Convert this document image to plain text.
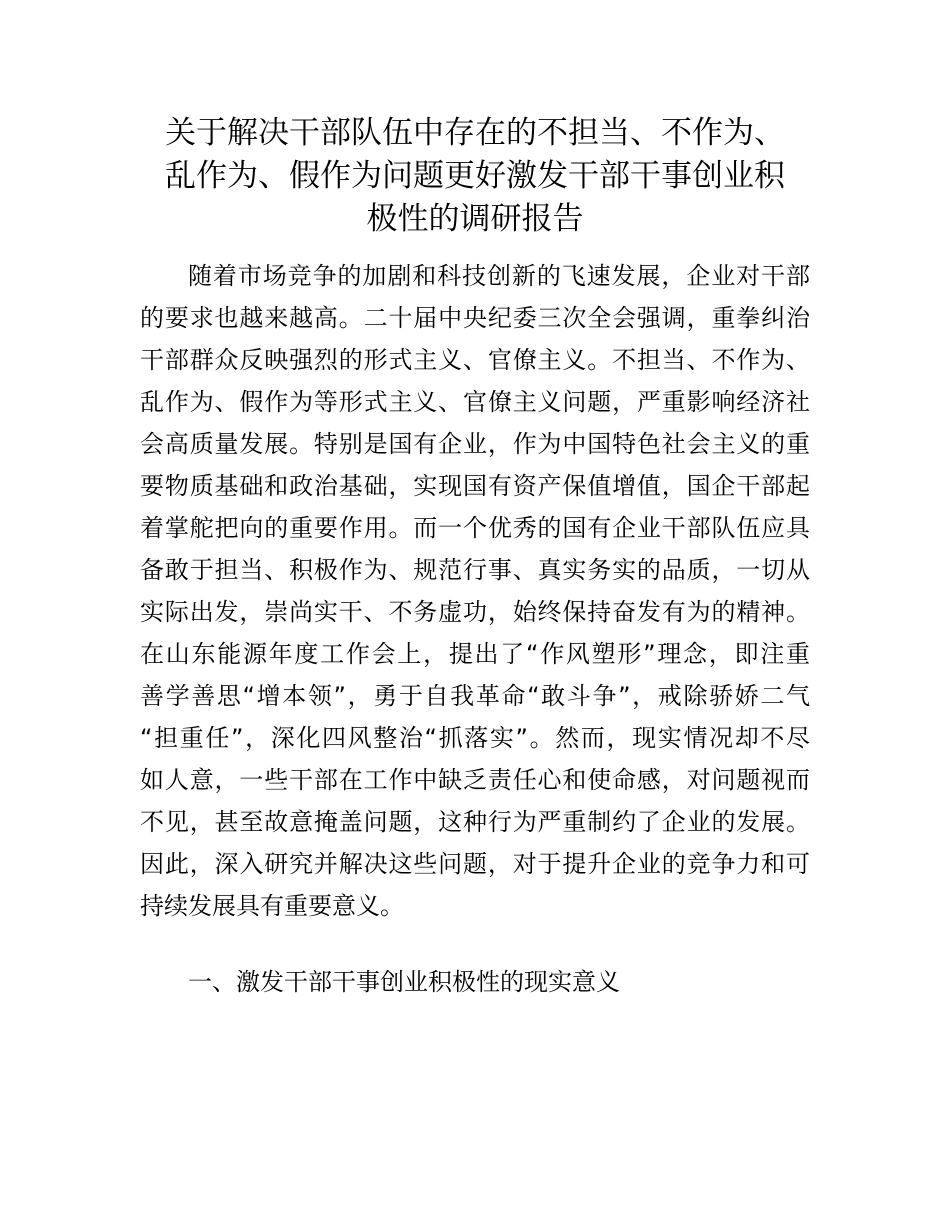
关于解决干部队伍中存在的不担当、不作为、
乱作为、假作为问题更好激发干部干事创业积
极性的调研报告
随着市场竞争的加剧和科技创新的飞速发展，企业对干部
的要求也越来越高。二十届中央纪委三次全会强调，重拳纠治
干部群众反映强烈的形式主义、官僚主义。不担当、不作为、
乱作为、假作为等形式主义、官僚主义问题，严重影响经济社
会高质量发展。特别是国有企业，作为中国特色社会主义的重
要物质基础和政治基础，实现国有资产保值增值，国企干部起
着掌舵把向的重要作用。而一个优秀的国有企业干部队伍应具
备敢于担当、积极作为、规范行事、真实务实的品质，一切从
实际出发，崇尚实干、不务虚功，始终保持奋发有为的精神。
在山东能源年度工作会上，提出了“作风塑形”理念，即注重
善学善思“增本领”，勇于自我革命“敢斗争”，戒除骄娇二气
“担重任”，深化四风整治“抓落实”。然而，现实情况却不尽
如人意，一些干部在工作中缺乏责任心和使命感，对问题视而
不见，甚至故意掩盖问题，这种行为严重制约了企业的发展。
因此，深入研究并解决这些问题，对于提升企业的竞争力和可
持续发展具有重要意义。
一、激发干部干事创业积极性的现实意义
